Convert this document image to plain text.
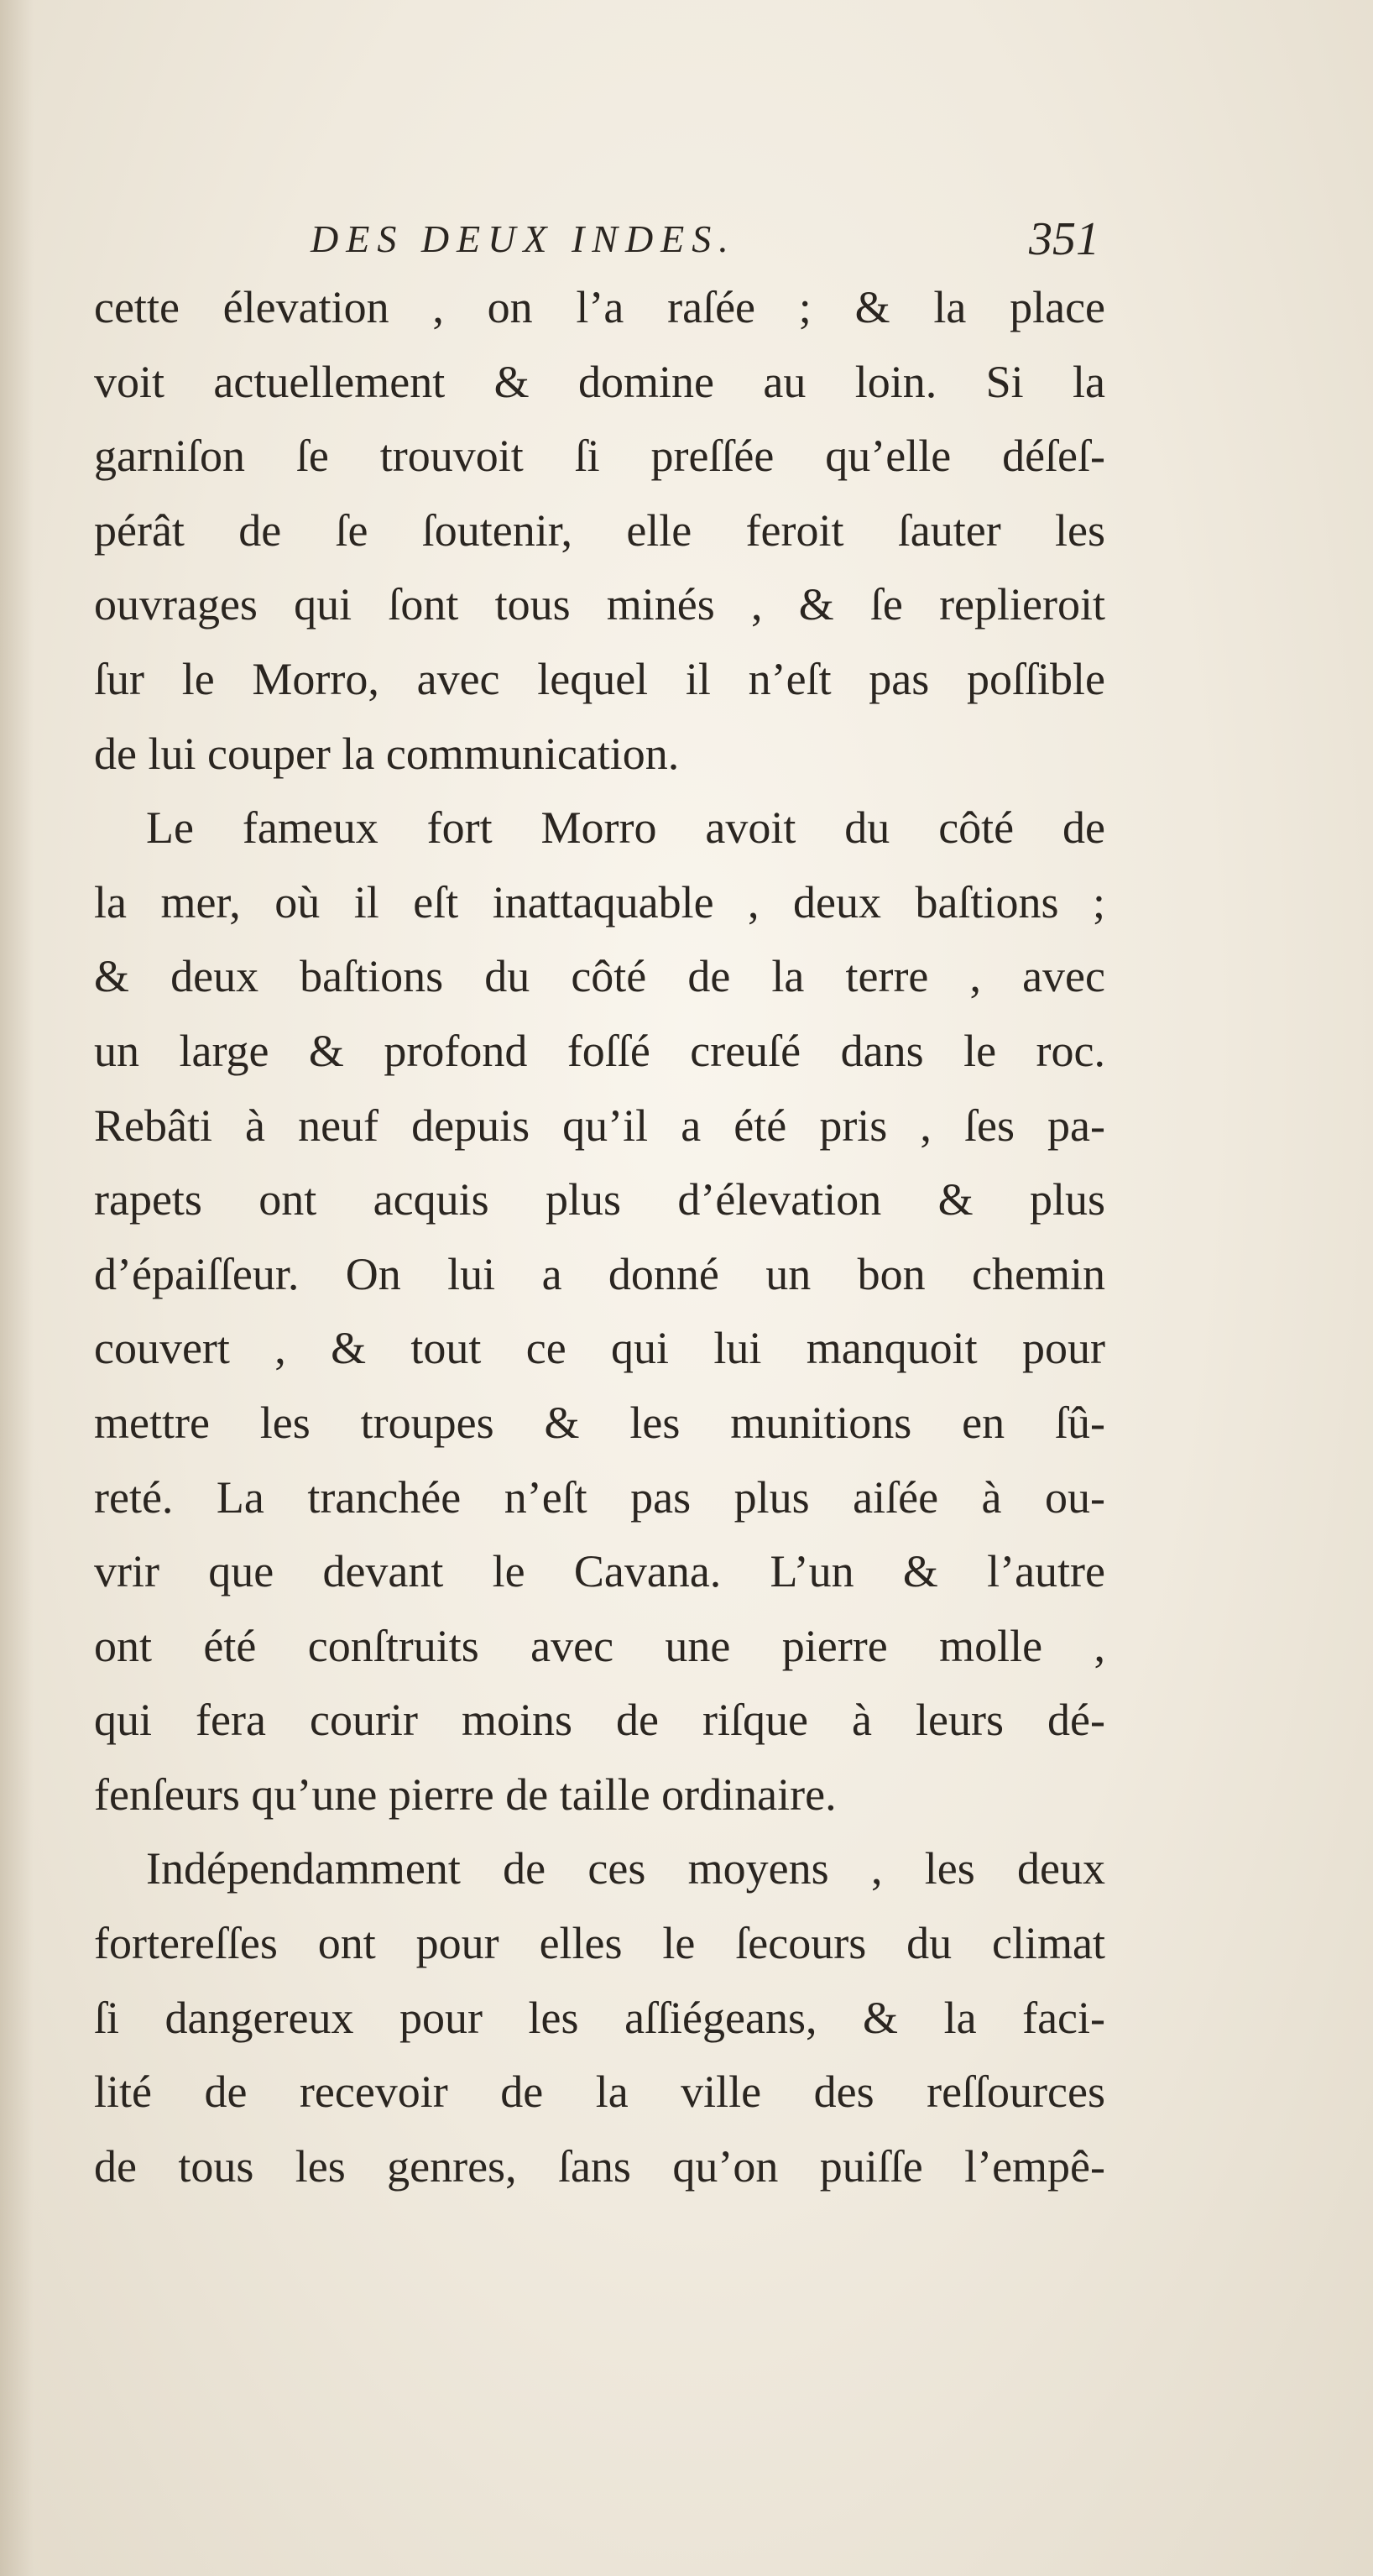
DES DEUX INDES.	351
cette élevation , on l’a raſée ; & la place
voit actuellement & domine au loin. Si la
garniſon ſe trouvoit ſi preſſée qu’elle déſeſ-
pérât de ſe ſoutenir, elle feroit ſauter les
ouvrages qui ſont tous minés , & ſe replieroit
ſur le Morro, avec lequel il n’eſt pas poſſible
de lui couper la communication.
Le fameux fort Morro avoit du côté de
la mer, où il eſt inattaquable , deux baſtions ;
& deux baſtions du côté de la terre , avec
un large & profond foſſé creuſé dans le roc.
Rebâti à neuf depuis qu’il a été pris , ſes pa-
rapets ont acquis plus d’élevation & plus
d’épaiſſeur. On lui a donné un bon chemin
couvert , & tout ce qui lui manquoit pour
mettre les troupes & les munitions en ſû-
reté. La tranchée n’eſt pas plus aiſée à ou-
vrir que devant le Cavana. L’un & l’autre
ont été conſtruits avec une pierre molle ,
qui fera courir moins de riſque à leurs dé-
fenſeurs qu’une pierre de taille ordinaire.
Indépendamment de ces moyens , les deux
fortereſſes ont pour elles le ſecours du climat
ſi dangereux pour les aſſiégeans, & la faci-
lité de recevoir de la ville des reſſources
de tous les genres, ſans qu’on puiſſe l’empê-
